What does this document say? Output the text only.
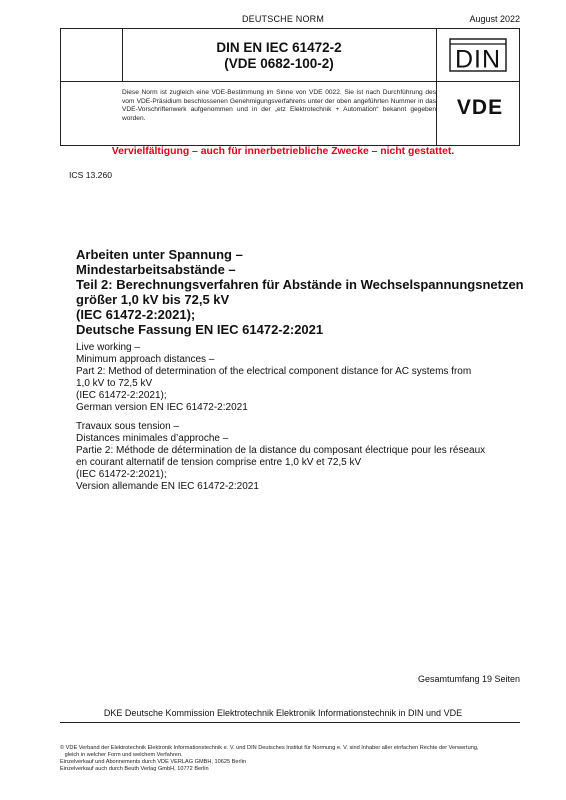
DEUTSCHE NORM	August 2022
DIN EN IEC 61472-2
(VDE 0682-100-2)
Diese Norm ist zugleich eine VDE-Bestimmung im Sinne von VDE 0022. Sie ist nach Durchführung des vom VDE-Präsidium beschlossenen Genehmigungsverfahrens unter der oben angeführten Nummer in das VDE-Vorschriftenwerk aufgenommen und in der „etz Elektrotechnik + Automation“ bekannt gegeben worden.
DIN
VDE
Vervielfältigung – auch für innerbetriebliche Zwecke – nicht gestattet.
ICS 13.260
Arbeiten unter Spannung –
Mindestarbeitsabstände –
Teil 2: Berechnungsverfahren für Abstände in Wechselspannungsnetzen
größer 1,0 kV bis 72,5 kV
(IEC 61472-2:2021);
Deutsche Fassung EN IEC 61472-2:2021
Live working –
Minimum approach distances –
Part 2: Method of determination of the electrical component distance for AC systems from
1,0 kV to 72,5 kV
(IEC 61472-2:2021);
German version EN IEC 61472-2:2021
Travaux sous tension –
Distances minimales d’approche –
Partie 2: Méthode de détermination de la distance du composant électrique pour les réseaux
en courant alternatif de tension comprise entre 1,0 kV et 72,5 kV
(IEC 61472-2:2021);
Version allemande EN IEC 61472-2:2021
Gesamtumfang 19 Seiten
DKE Deutsche Kommission Elektrotechnik Elektronik Informationstechnik in DIN und VDE
© VDE Verband der Elektrotechnik Elektronik Informationstechnik e. V. und DIN Deutsches Institut für Normung e. V. sind Inhaber aller einfachen Rechte der Verwertung,
gleich in welcher Form und welchem Verfahren.
Einzelverkauf und Abonnements durch VDE VERLAG GMBH, 10625 Berlin
Einzelverkauf auch durch Beuth Verlag GmbH, 10772 Berlin
